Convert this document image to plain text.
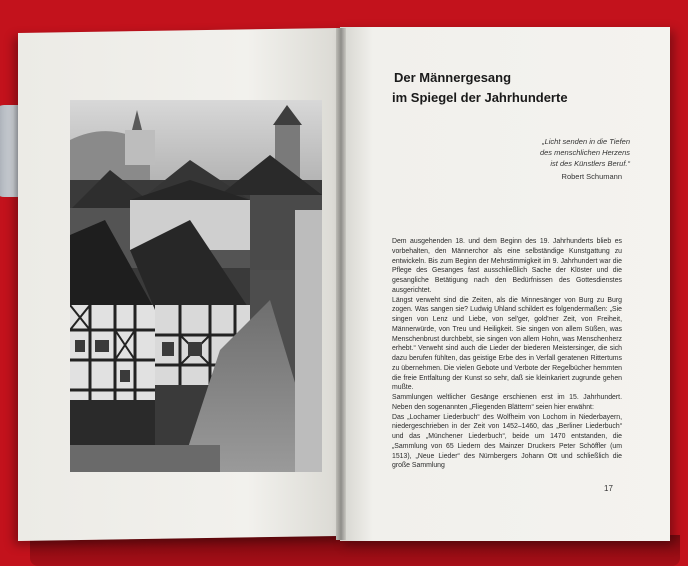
Der Männergesang
im Spiegel der Jahrhunderte
„Licht senden in die Tiefen
des menschlichen Herzens
ist des Künstlers Beruf.“
Robert Schumann

Dem ausgehenden 18. und dem Beginn des 19. Jahrhunderts blieb es vorbehalten, den Männerchor als eine selbständige Kunstgattung zu entwickeln. Bis zum Beginn der Mehrstimmigkeit im 9. Jahrhundert war die Pflege des Gesanges fast ausschließlich Sache der Klöster und die gesangliche Betätigung nach den Bedürfnissen des Gottesdienstes ausgerichtet.

Längst verweht sind die Zeiten, als die Minnesänger von Burg zu Burg zogen. Was sangen sie? Ludwig Uhland schildert es folgendermaßen: „Sie singen von Lenz und Liebe, von sel'ger, gold'ner Zeit, von Freiheit, Männerwürde, von Treu und Heiligkeit. Sie singen von allem Süßen, was Menschenbrust durchbebt, sie singen von allem Hohn, was Menschenherz erhebt.“ Verweht sind auch die Lieder der biederen Meistersinger, die sich dazu berufen fühlten, das geistige Erbe des in Verfall geratenen Rittertums zu übernehmen. Die vielen Gebote und Verbote der Regelbücher hemmten die freie Entfaltung der Kunst so sehr, daß sie kleinkariert zugrunde gehen mußte.

Sammlungen weltlicher Gesänge erschienen erst im 15. Jahrhundert. Neben den sogenannten „Fliegenden Blättern“ seien hier erwähnt:

Das „Lochamer Liederbuch“ des Wolfheim von Lochom in Niederbayern, niedergeschrieben in der Zeit von 1452–1460, das „Berliner Liederbuch“ und das „Münchener Liederbuch“, beide um 1470 entstanden, die „Sammlung von 65 Liedern des Mainzer Druckers Peter Schöffler (um 1513), „Neue Lieder“ des Nürnbergers Johann Ott und schließlich die große Sammlung

17
